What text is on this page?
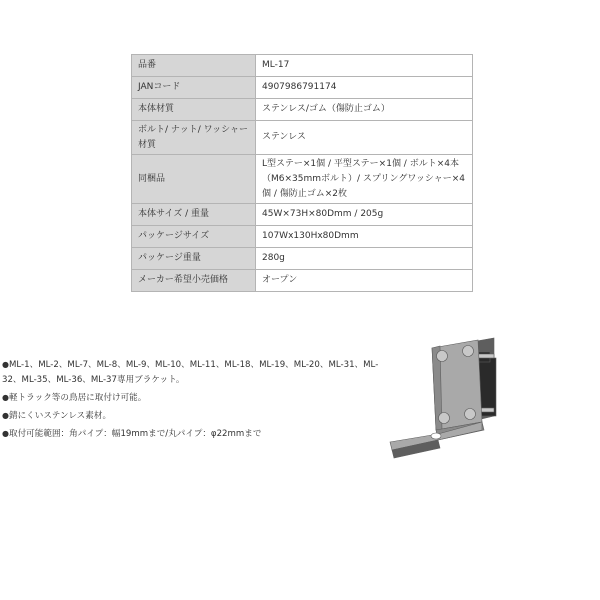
品番	ML-17
JANコード	4907986791174
本体材質	ステンレス/ゴム（傷防止ゴム）
ボルト/ ナット/ ワッシャー材質	ステンレス
同梱品	L型ステー×1個 / 平型ステー×1個 / ボルト×4本（M6×35mmボルト）/ スプリングワッシャー×4個 / 傷防止ゴム×2枚
本体サイズ / 重量	45W×73H×80Dmm / 205g
パッケージサイズ	107Wx130Hx80Dmm
パッケージ重量	280g
メーカー希望小売価格	オープン
●ML-1、ML-2、ML-7、ML-8、ML-9、ML-10、ML-11、ML-18、ML-19、ML-20、ML-31、ML-32、ML-35、ML-36、ML-37専用ブラケット。
●軽トラック等の鳥居に取付け可能。
●錆にくいステンレス素材。
●取付可能範囲：角パイプ：幅19mmまで/丸パイプ：φ22mmまで
